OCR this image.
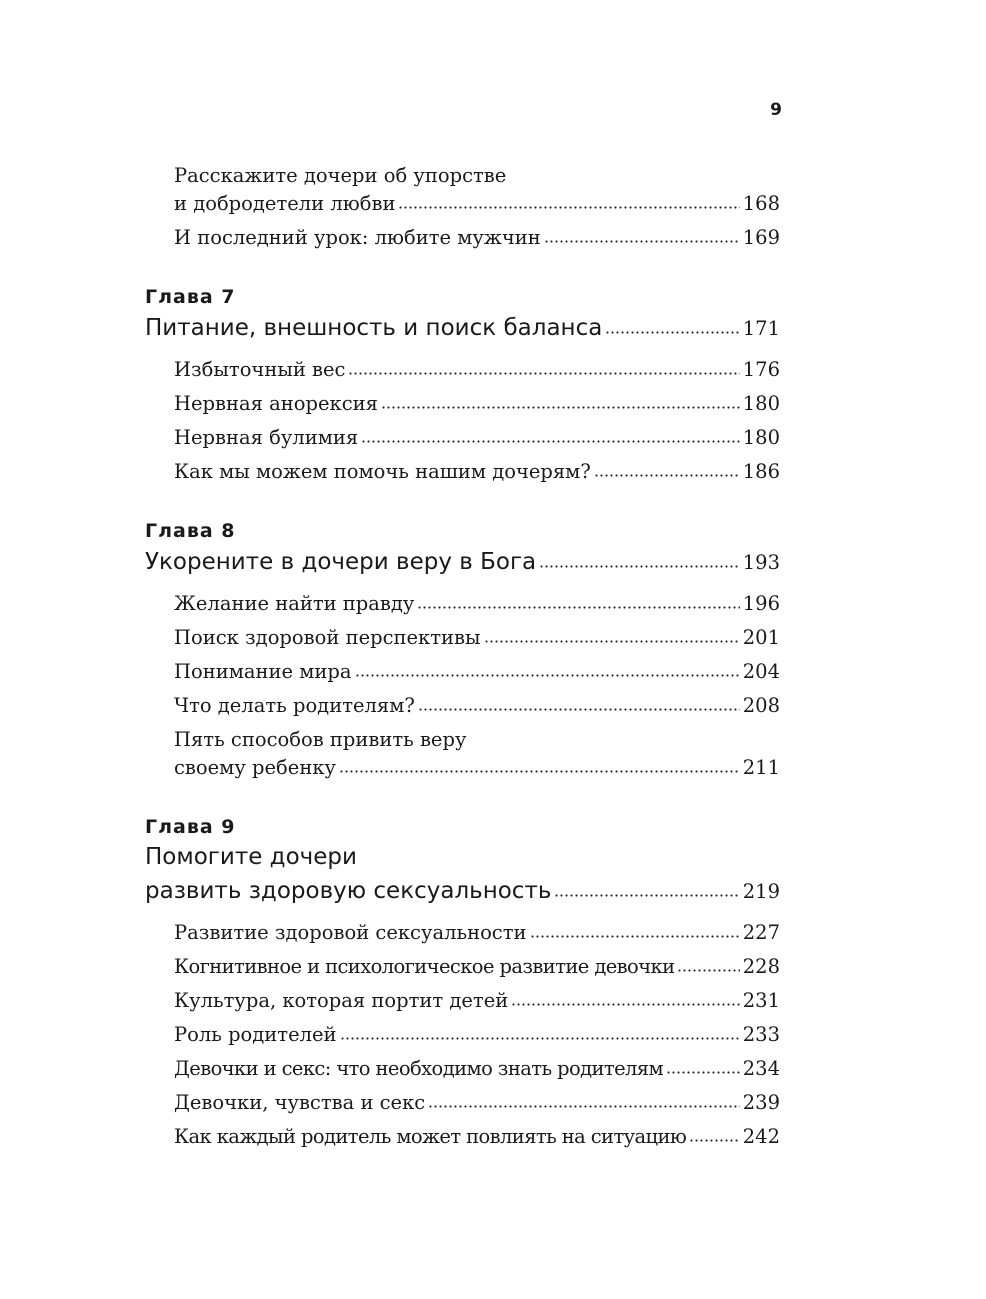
9
Расскажите дочери об упорстве
и добродетели любви	168
И последний урок: любите мужчин	169
Глава 7
Питание, внешность и поиск баланса	171
Избыточный вес	176
Нервная анорексия	180
Нервная булимия	180
Как мы можем помочь нашим дочерям?	186
Глава 8
Укорените в дочери веру в Бога	193
Желание найти правду	196
Поиск здоровой перспективы	201
Понимание мира	204
Что делать родителям?	208
Пять способов привить веру
своему ребенку	211
Глава 9
Помогите дочери
развить здоровую сексуальность	219
Развитие здоровой сексуальности	227
Когнитивное и психологическое развитие девочки	228
Культура, которая портит детей	231
Роль родителей	233
Девочки и секс: что необходимо знать родителям	234
Девочки, чувства и секс	239
Как каждый родитель может повлиять на ситуацию	242
